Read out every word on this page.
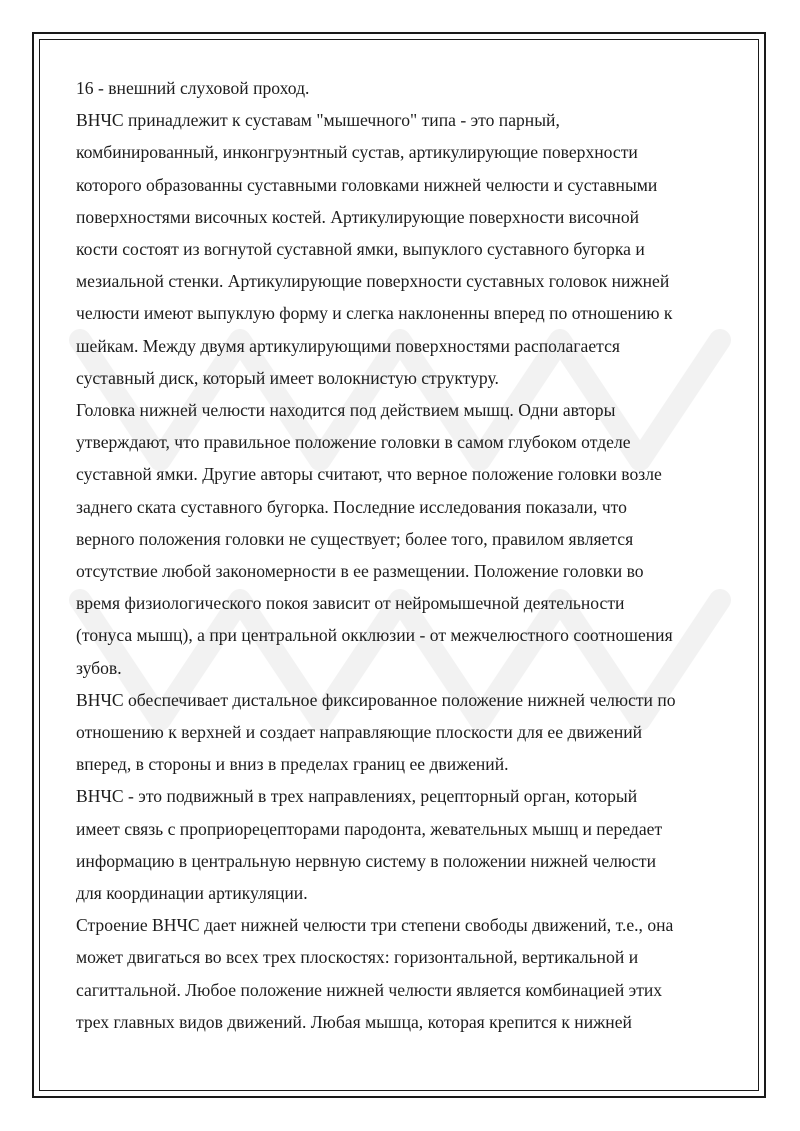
16 - внешний слуховой проход.
ВНЧС принадлежит к суставам "мышечного" типа - это парный,
комбинированный, инконгруэнтный сустав, артикулирующие поверхности
которого образованны суставными головками нижней челюсти и суставными
поверхностями височных костей. Артикулирующие поверхности височной
кости состоят из вогнутой суставной ямки, выпуклого суставного бугорка и
мезиальной стенки. Артикулирующие поверхности суставных головок нижней
челюсти имеют выпуклую форму и слегка наклоненны вперед по отношению к
шейкам. Между двумя артикулирующими поверхностями располагается
суставный диск, который имеет волокнистую структуру.
Головка нижней челюсти находится под действием мышц. Одни авторы
утверждают, что правильное положение головки в самом глубоком отделе
суставной ямки. Другие авторы считают, что верное положение головки возле
заднего ската суставного бугорка. Последние исследования показали, что
верного положения головки не существует; более того, правилом является
отсутствие любой закономерности в ее размещении. Положение головки во
время физиологического покоя зависит от нейромышечной деятельности
(тонуса мышц), а при центральной окклюзии - от межчелюстного соотношения
зубов.
ВНЧС обеспечивает дистальное фиксированное положение нижней челюсти по
отношению к верхней и создает направляющие плоскости для ее движений
вперед, в стороны и вниз в пределах границ ее движений.
ВНЧС - это подвижный в трех направлениях, рецепторный орган, который
имеет связь с проприорецепторами пародонта, жевательных мышц и передает
информацию в центральную нервную систему в положении нижней челюсти
для координации артикуляции.
Строение ВНЧС дает нижней челюсти три степени свободы движений, т.е., она
может двигаться во всех трех плоскостях: горизонтальной, вертикальной и
сагиттальной. Любое положение нижней челюсти является комбинацией этих
трех главных видов движений. Любая мышца, которая крепится к нижней
